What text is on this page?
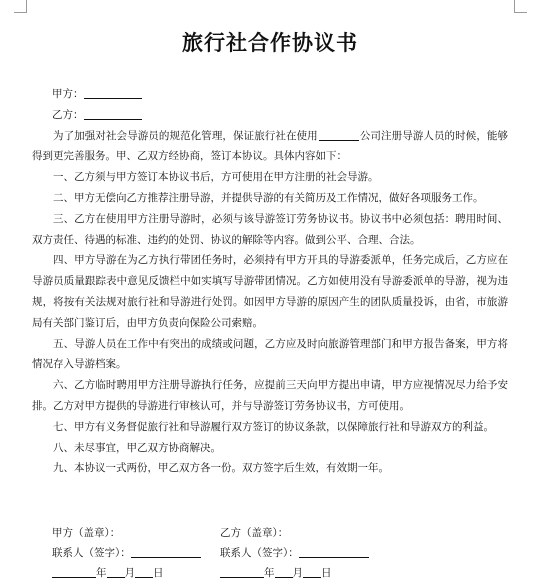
旅行社合作协议书
甲方：
乙方：
为了加强对社会导游员的规范化管理，保证旅行社在使用	公司注册导游人员的时候，能够得到更完善服务。甲、乙双方经协商，签订本协议。具体内容如下：
一、乙方须与甲方签订本协议书后，方可使用在甲方注册的社会导游。
二、甲方无偿向乙方推荐注册导游，并提供导游的有关简历及工作情况，做好各项服务工作。
三、乙方在使用甲方注册导游时，必须与该导游签订劳务协议书。协议书中必须包括：聘用时间、双方责任、待遇的标准、违约的处罚、协议的解除等内容。做到公平、合理、合法。
四、甲方导游在为乙方执行带团任务时，必须持有甲方开具的导游委派单，任务完成后，乙方应在导游员质量跟踪表中意见反馈栏中如实填写导游带团情况。乙方如使用没有导游委派单的导游，视为违规，将按有关法规对旅行社和导游进行处罚。如因甲方导游的原因产生的团队质量投诉，由省，市旅游局有关部门鉴订后，由甲方负责向保险公司索赔。
五、导游人员在工作中有突出的成绩或问题，乙方应及时向旅游管理部门和甲方报告备案，甲方将情况存入导游档案。
六、乙方临时聘用甲方注册导游执行任务，应提前三天向甲方提出申请，甲方应视情况尽力给予安排。乙方对甲方提供的导游进行审核认可，并与导游签订劳务协议书，方可使用。
七、甲方有义务督促旅行社和导游履行双方签订的协议条款，以保障旅行社和导游双方的利益。
八、未尽事宜，甲乙双方协商解决。
九、本协议一式两份，甲乙双方各一份。双方签字后生效，有效期一年。
甲方（盖章）：	乙方（盖章）：
联系人（签字）：	联系人（签字）：
年 月 日	年 月 日
